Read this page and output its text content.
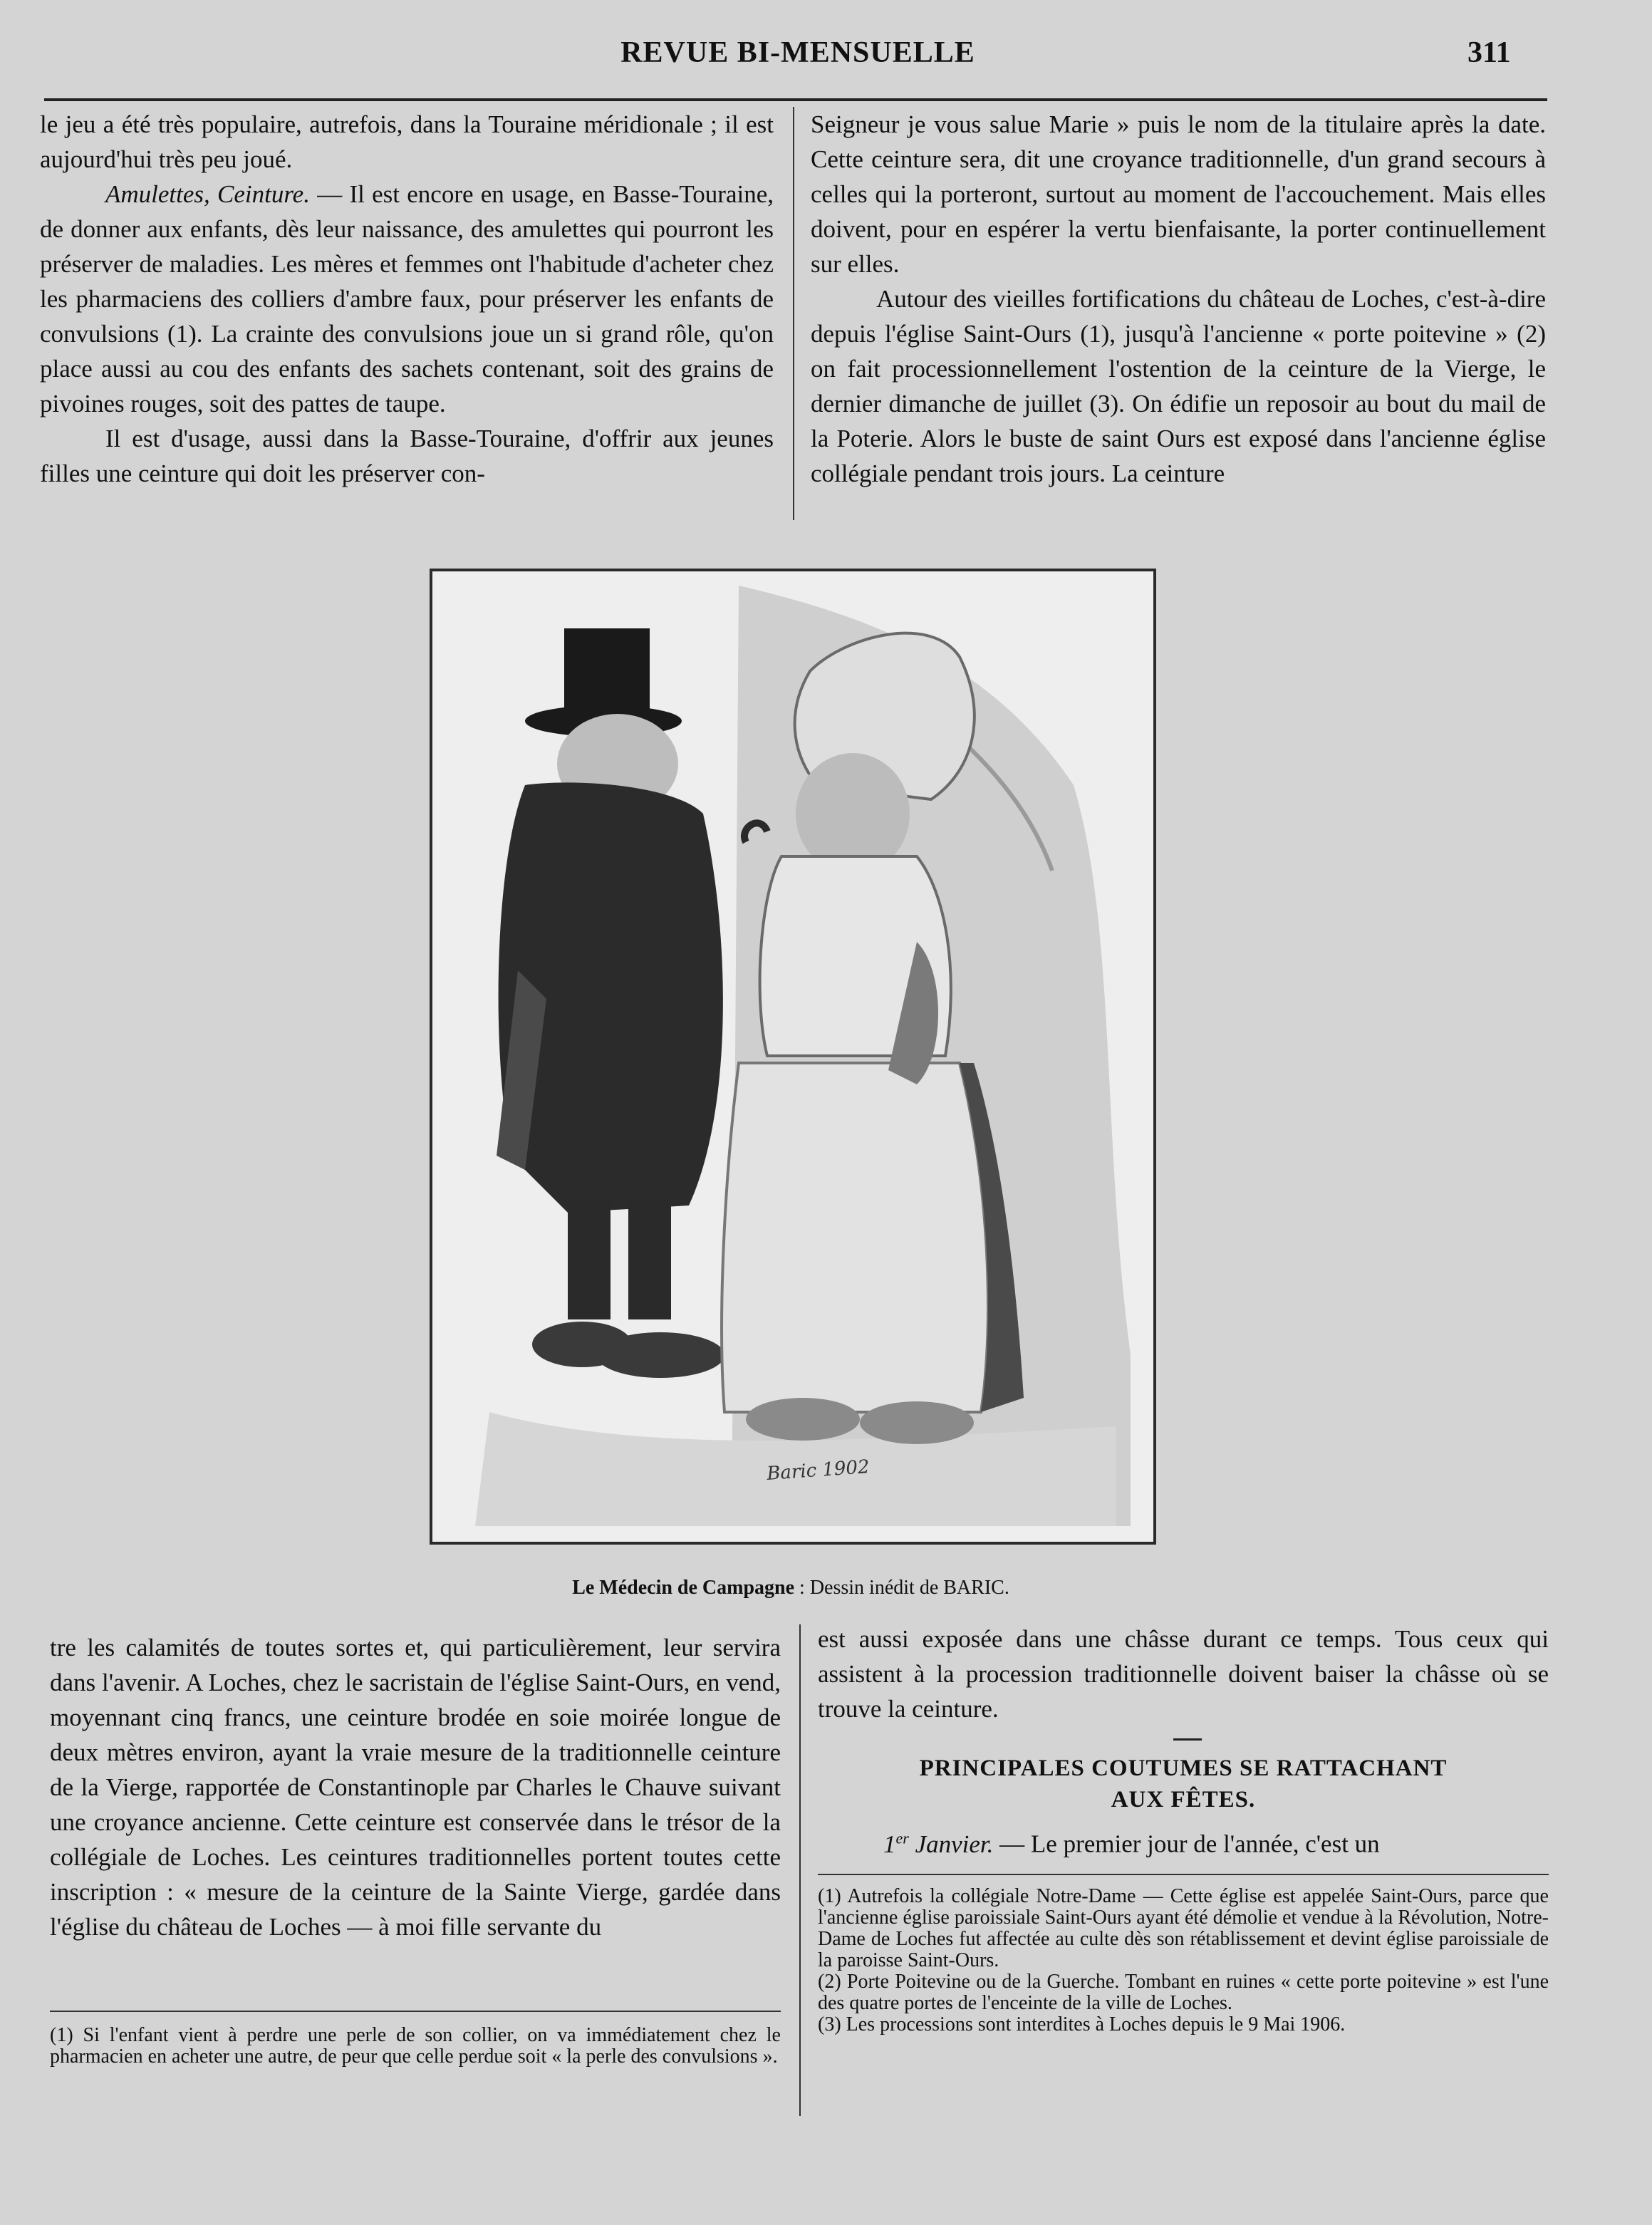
REVUE BI-MENSUELLE	311

le jeu a été très populaire, autrefois, dans la Touraine méridionale ; il est aujourd'hui très peu joué.

Amulettes, Ceinture. — Il est encore en usage, en Basse-Touraine, de donner aux enfants, dès leur naissance, des amulettes qui pourront les préserver de maladies. Les mères et femmes ont l'habitude d'acheter chez les pharmaciens des colliers d'ambre faux, pour préserver les enfants de convulsions (1). La crainte des convulsions joue un si grand rôle, qu'on place aussi au cou des enfants des sachets contenant, soit des grains de pivoines rouges, soit des pattes de taupe.

Il est d'usage, aussi dans la Basse-Touraine, d'offrir aux jeunes filles une ceinture qui doit les préserver con-

Seigneur je vous salue Marie » puis le nom de la titulaire après la date. Cette ceinture sera, dit une croyance traditionnelle, d'un grand secours à celles qui la porteront, surtout au moment de l'accouchement. Mais elles doivent, pour en espérer la vertu bienfaisante, la porter continuellement sur elles.

Autour des vieilles fortifications du château de Loches, c'est-à-dire depuis l'église Saint-Ours (1), jusqu'à l'ancienne « porte poitevine » (2) on fait processionnellement l'ostention de la ceinture de la Vierge, le dernier dimanche de juillet (3). On édifie un reposoir au bout du mail de la Poterie. Alors le buste de saint Ours est exposé dans l'ancienne église collégiale pendant trois jours. La ceinture

Baric 1902
Le Médecin de Campagne : Dessin inédit de BARIC.

tre les calamités de toutes sortes et, qui particulièrement, leur servira dans l'avenir. A Loches, chez le sacristain de l'église Saint-Ours, en vend, moyennant cinq francs, une ceinture brodée en soie moirée longue de deux mètres environ, ayant la vraie mesure de la traditionnelle ceinture de la Vierge, rapportée de Constantinople par Charles le Chauve suivant une croyance ancienne. Cette ceinture est conservée dans le trésor de la collégiale de Loches. Les ceintures traditionnelles portent toutes cette inscription : « mesure de la ceinture de la Sainte Vierge, gardée dans l'église du château de Loches — à moi fille servante du

est aussi exposée dans une châsse durant ce temps. Tous ceux qui assistent à la procession traditionnelle doivent baiser la châsse où se trouve la ceinture.

PRINCIPALES COUTUMES SE RATTACHANT
AUX FÊTES.

1er Janvier. — Le premier jour de l'année, c'est un

(1) Si l'enfant vient à perdre une perle de son collier, on va immédiatement chez le pharmacien en acheter une autre, de peur que celle perdue soit « la perle des convulsions ».

(1) Autrefois la collégiale Notre-Dame — Cette église est appelée Saint-Ours, parce que l'ancienne église paroissiale Saint-Ours ayant été démolie et vendue à la Révolution, Notre-Dame de Loches fut affectée au culte dès son rétablissement et devint église paroissiale de la paroisse Saint-Ours.

(2) Porte Poitevine ou de la Guerche. Tombant en ruines « cette porte poitevine » est l'une des quatre portes de l'enceinte de la ville de Loches.

(3) Les processions sont interdites à Loches depuis le 9 Mai 1906.
